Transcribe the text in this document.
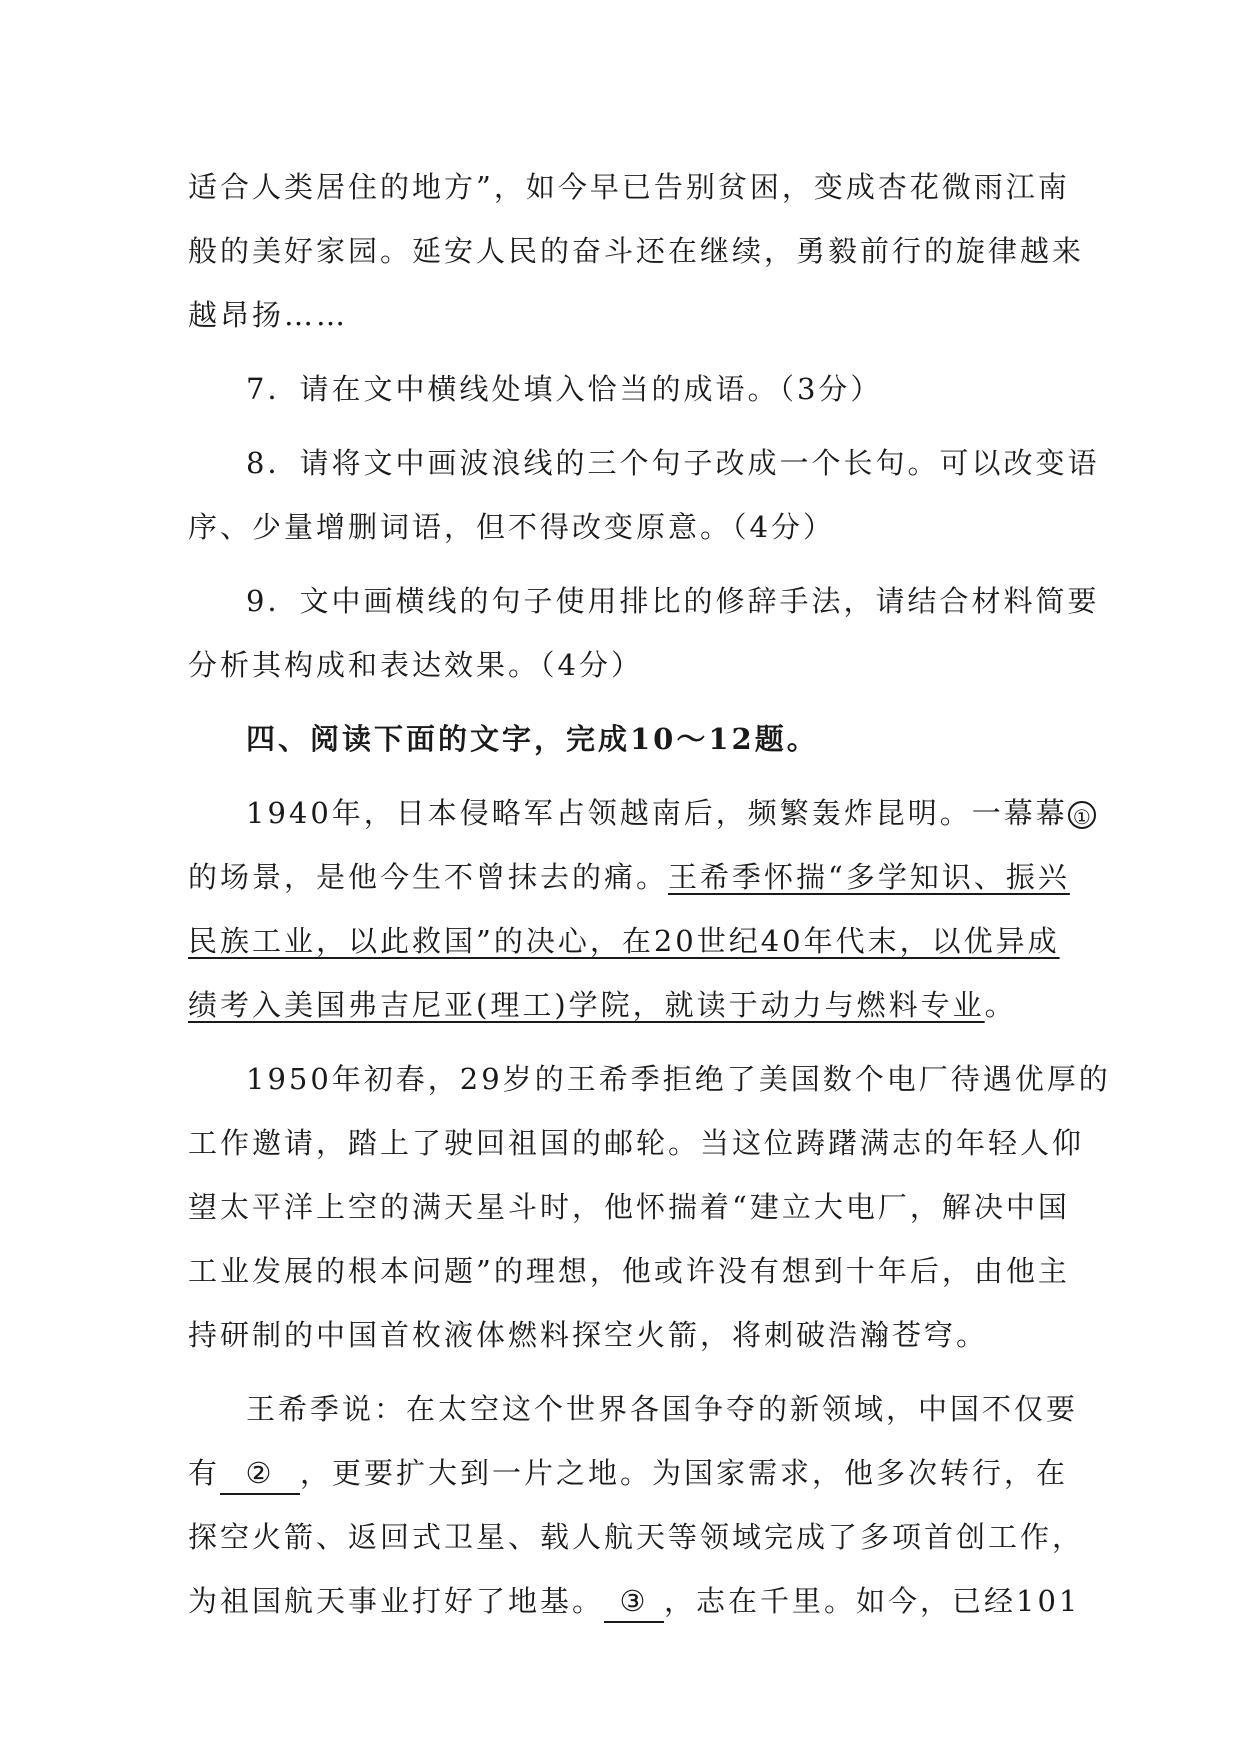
适合人类居住的地方”，如今早已告别贫困，变成杏花微雨江南
般的美好家园。延安人民的奋斗还在继续，勇毅前行的旋律越来
越昂扬……
7．请在文中横线处填入恰当的成语。（3分）
8．请将文中画波浪线的三个句子改成一个长句。可以改变语
序、少量增删词语，但不得改变原意。（4分）
9．文中画横线的句子使用排比的修辞手法，请结合材料简要
分析其构成和表达效果。（4分）
四、阅读下面的文字，完成10～12题。
1940年，日本侵略军占领越南后，频繁轰炸昆明。一幕幕 ①
的场景，是他今生不曾抹去的痛。王希季怀揣“多学知识、振兴
民族工业，以此救国”的决心，在20世纪40年代末，以优异成
绩考入美国弗吉尼亚(理工)学院，就读于动力与燃料专业。
1950年初春，29岁的王希季拒绝了美国数个电厂待遇优厚的
工作邀请，踏上了驶回祖国的邮轮。当这位踌躇满志的年轻人仰
望太平洋上空的满天星斗时，他怀揣着“建立大电厂，解决中国
工业发展的根本问题”的理想，他或许没有想到十年后，由他主
持研制的中国首枚液体燃料探空火箭，将刺破浩瀚苍穹。
王希季说：在太空这个世界各国争夺的新领域，中国不仅要
有 ② ，更要扩大到一片之地。为国家需求，他多次转行，在
探空火箭、返回式卫星、载人航天等领域完成了多项首创工作，
为祖国航天事业打好了地基。 ③ ，志在千里。如今，已经101
